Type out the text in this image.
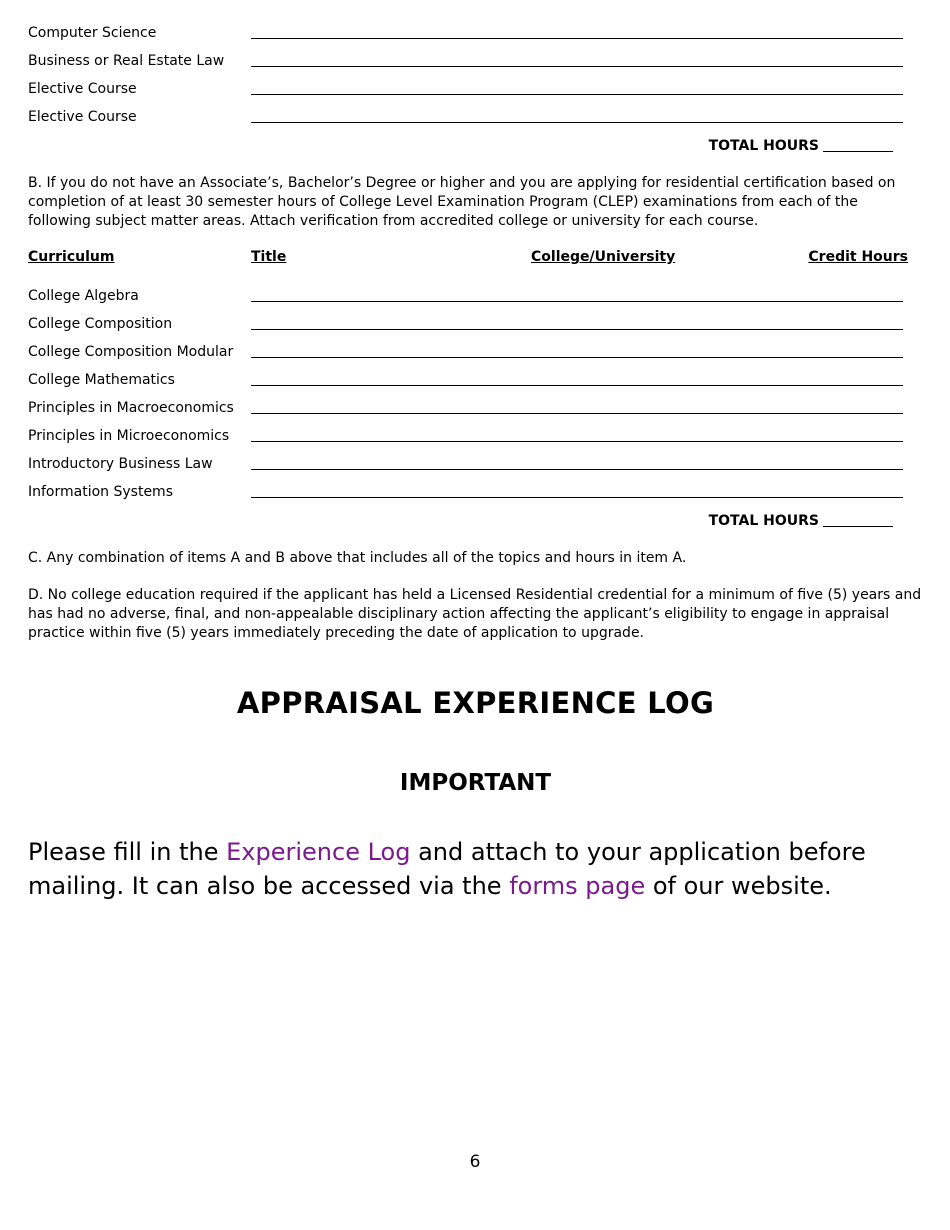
Computer Science
Business or Real Estate Law
Elective Course
Elective Course
TOTAL HOURS

B. If you do not have an Associate’s, Bachelor’s Degree or higher and you are applying for residential certification based on completion of at least 30 semester hours of College Level Examination Program (CLEP) examinations from each of the following subject matter areas. Attach verification from accredited college or university for each course.

Curriculum	Title	College/University	Credit Hours
College Algebra
College Composition
College Composition Modular
College Mathematics
Principles in Macroeconomics
Principles in Microeconomics
Introductory Business Law
Information Systems
TOTAL HOURS

C. Any combination of items A and B above that includes all of the topics and hours in item A.

D. No college education required if the applicant has held a Licensed Residential credential for a minimum of five (5) years and has had no adverse, final, and non-appealable disciplinary action affecting the applicant’s eligibility to engage in appraisal practice within five (5) years immediately preceding the date of application to upgrade.

APPRAISAL EXPERIENCE LOG
IMPORTANT

Please fill in the Experience Log and attach to your application before mailing. It can also be accessed via the forms page of our website.

6
